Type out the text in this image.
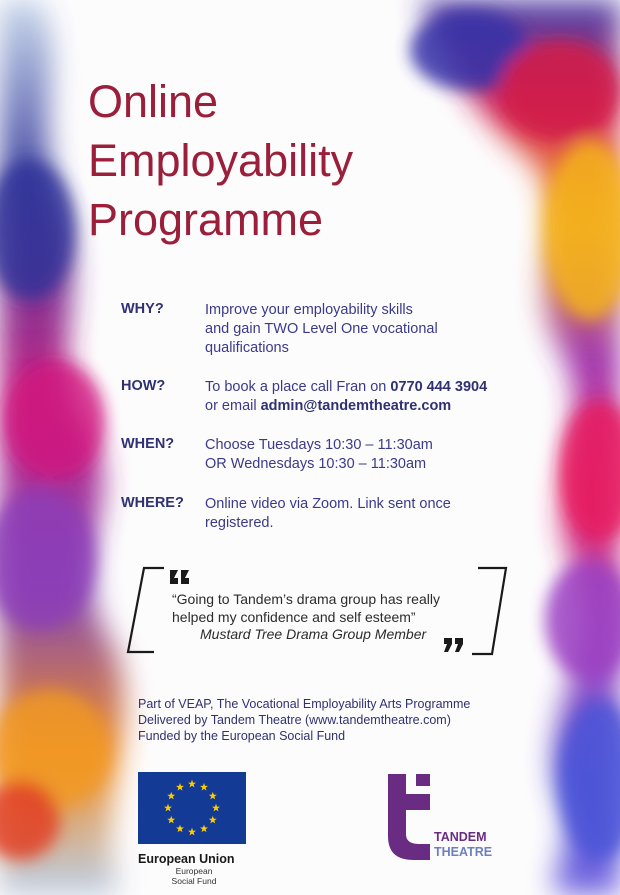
Online
Employability
Programme
WHY?	Improve your employability skills
and gain TWO Level One vocational
qualifications
HOW?	To book a place call Fran on 0770 444 3904
or email admin@tandemtheatre.com
WHEN? Choose Tuesdays 10:30 – 11:30am
OR Wednesdays 10:30 – 11:30am
WHERE? Online video via Zoom. Link sent once
registered.
“Going to Tandem’s drama group has really
helped my confidence and self esteem”
Mustard Tree Drama Group Member
Part of VEAP, The Vocational Employability Arts Programme
Delivered by Tandem Theatre (www.tandemtheatre.com)
Funded by the European Social Fund
European Union
European
Social Fund
TANDEM
THEATRE
